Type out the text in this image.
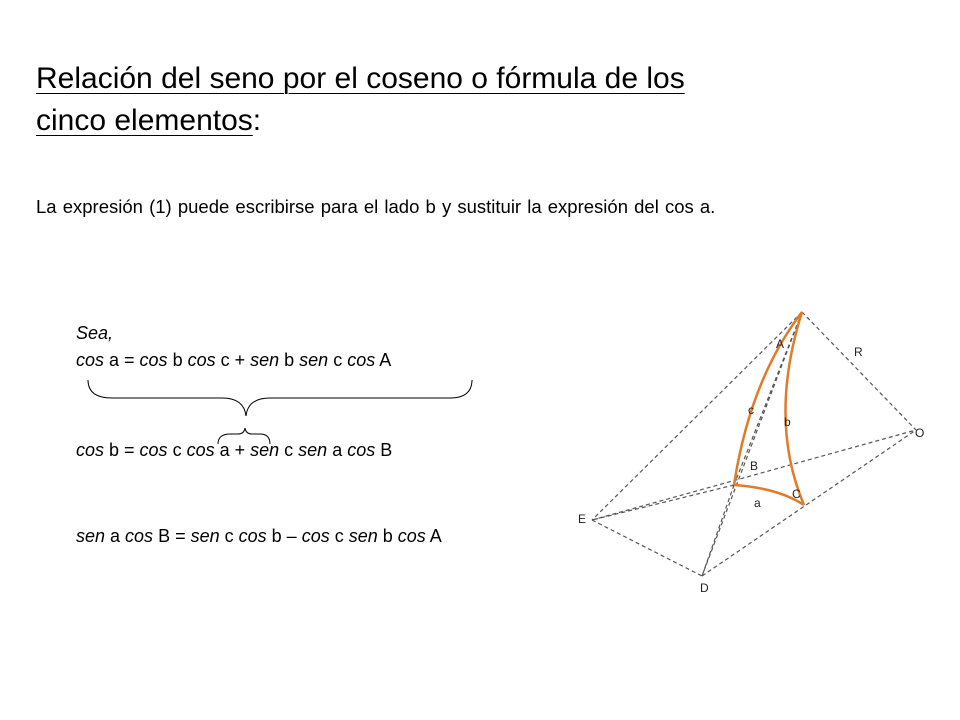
Relación del seno por el coseno o fórmula de los
cinco elementos:

La expresión (1) puede escribirse para el lado b y sustituir la expresión del cos a.

Sea,

cos a = cos b cos c + sen b sen c cos A

cos b = cos c cos a + sen c sen a cos B

sen a cos B = sen c cos b – cos c sen b cos A

A
R
O
c
b
B
C
a
E
D
